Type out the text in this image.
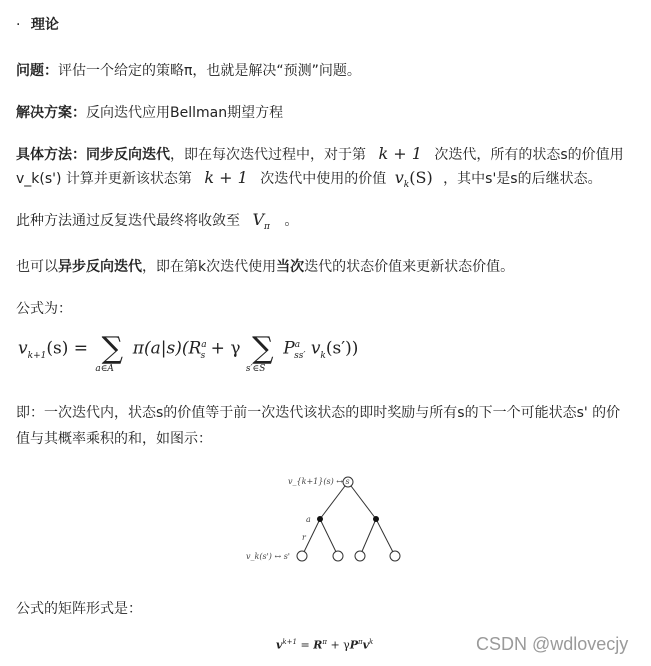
· 理论
问题：评估一个给定的策略π，也就是解决“预测”问题。
解决方案：反向迭代应用Bellman期望方程
具体方法：同步反向迭代，即在每次迭代过程中，对于第 k + 1 次迭代，所有的状态s的价值用
v_k(s') 计算并更新该状态第 k + 1 次迭代中使用的价值 $v_k(S)$ ，其中s'是s的后继状态。
此种方法通过反复迭代最终将收敛至 $V_\pi$ 。
也可以异步反向迭代，即在第k次迭代使用当次迭代的状态价值来更新状态价值。
公式为：
$v_{k+1}(s)$ = ∑
a∈A
$\pi(a|s)(R^a_s + \gamma$ ∑
s′∈S
$P^a_{ss'}$ $v_k(s')$)
即：一次迭代内，状态s的价值等于前一次迭代该状态的即时奖励与所有s的下一个可能状态s' 的价
值与其概率乘积的和，如图示：
v_{k+1}(s) ↔ s
a
r
v_k(s') ↔ s'
公式的矩阵形式是：
$v^{k+1} = R^\pi + \gamma P^\pi v^k$	CSDN @wdlovecjy
